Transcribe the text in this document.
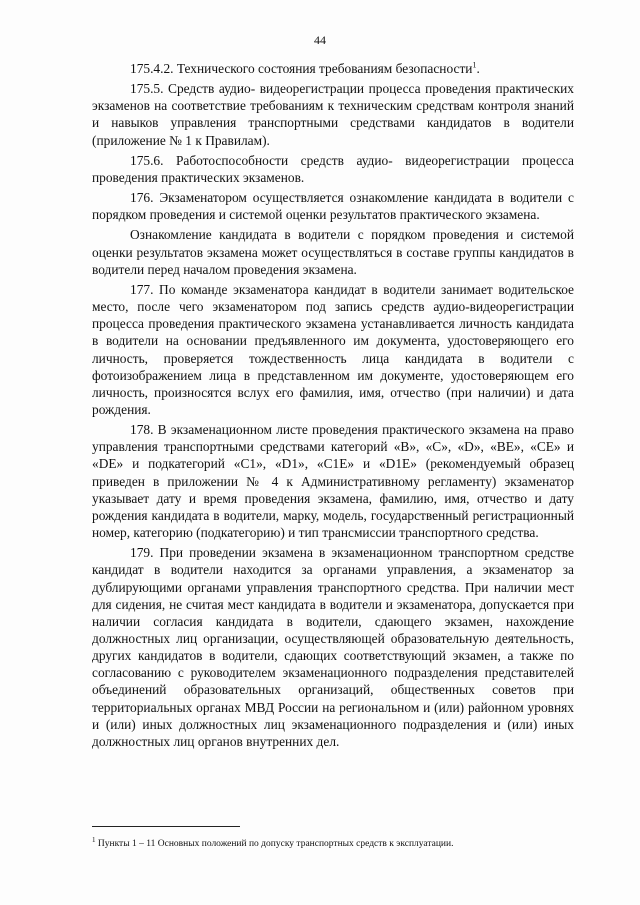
44

175.4.2. Технического состояния требованиям безопасности$^1$.

175.5. Средств аудио- видеорегистрации процесса проведения практических экзаменов на соответствие требованиям к техническим средствам контроля знаний и навыков управления транспортными средствами кандидатов в водители (приложение № 1 к Правилам).

175.6. Работоспособности средств аудио- видеорегистрации процесса проведения практических экзаменов.

176. Экзаменатором осуществляется ознакомление кандидата в водители с порядком проведения и системой оценки результатов практического экзамена.

Ознакомление кандидата в водители с порядком проведения и системой оценки результатов экзамена может осуществляться в составе группы кандидатов в водители перед началом проведения экзамена.

177. По команде экзаменатора кандидат в водители занимает водительское место, после чего экзаменатором под запись средств аудио-видеорегистрации процесса проведения практического экзамена устанавливается личность кандидата в водители на основании предъявленного им документа, удостоверяющего его личность, проверяется тождественность лица кандидата в водители с фотоизображением лица в представленном им документе, удостоверяющем его личность, произносятся вслух его фамилия, имя, отчество (при наличии) и дата рождения.

178. В экзаменационном листе проведения практического экзамена на право управления транспортными средствами категорий «B», «C», «D», «BE», «CE» и «DE» и подкатегорий «C1», «D1», «C1E» и «D1E» (рекомендуемый образец приведен в приложении № 4 к Административному регламенту) экзаменатор указывает дату и время проведения экзамена, фамилию, имя, отчество и дату рождения кандидата в водители, марку, модель, государственный регистрационный номер, категорию (подкатегорию) и тип трансмиссии транспортного средства.

179. При проведении экзамена в экзаменационном транспортном средстве кандидат в водители находится за органами управления, а экзаменатор за дублирующими органами управления транспортного средства. При наличии мест для сидения, не считая мест кандидата в водители и экзаменатора, допускается при наличии согласия кандидата в водители, сдающего экзамен, нахождение должностных лиц организации, осуществляющей образовательную деятельность, других кандидатов в водители, сдающих соответствующий экзамен, а также по согласованию с руководителем экзаменационного подразделения представителей объединений образовательных организаций, общественных советов при территориальных органах МВД России на региональном и (или) районном уровнях и (или) иных должностных лиц экзаменационного подразделения и (или) иных должностных лиц органов внутренних дел.

$^1$ Пункты 1 – 11 Основных положений по допуску транспортных средств к эксплуатации.
